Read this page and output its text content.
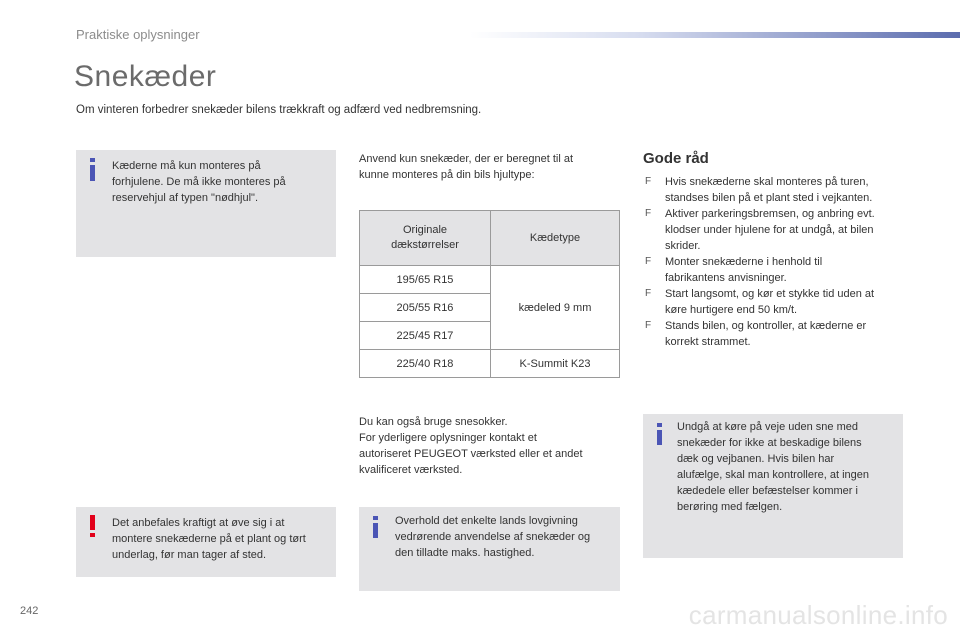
Praktiske oplysninger
Snekæder
Om vinteren forbedrer snekæder bilens trækkraft og adfærd ved nedbremsning.
Kæderne må kun monteres på
forhjulene. De må ikke monteres på
reservehjul af typen "nødhjul".
Det anbefales kraftigt at øve sig i at
montere snekæderne på et plant og tørt
underlag, før man tager af sted.
Anvend kun snekæder, der er beregnet til at
kunne monteres på din bils hjultype:
Originale
dækstørrelser	Kædetype
195/65 R15	kædeled 9 mm
205/55 R16	
225/45 R17	
225/40 R18	K-Summit K23
Du kan også bruge snesokker.
For yderligere oplysninger kontakt et
autoriseret PEUGEOT værksted eller et andet
kvalificeret værksted.
Overhold det enkelte lands lovgivning
vedrørende anvendelse af snekæder og
den tilladte maks. hastighed.
Gode råd
F Hvis snekæderne skal monteres på turen,
standses bilen på et plant sted i vejkanten.
F Aktiver parkeringsbremsen, og anbring evt.
klodser under hjulene for at undgå, at bilen
skrider.
F Monter snekæderne i henhold til
fabrikantens anvisninger.
F Start langsomt, og kør et stykke tid uden at
køre hurtigere end 50 km/t.
F Stands bilen, og kontroller, at kæderne er
korrekt strammet.
Undgå at køre på veje uden sne med
snekæder for ikke at beskadige bilens
dæk og vejbanen. Hvis bilen har
alufælge, skal man kontrollere, at ingen
kædedele eller befæstelser kommer i
berøring med fælgen.
242	carmanualsonline.info
